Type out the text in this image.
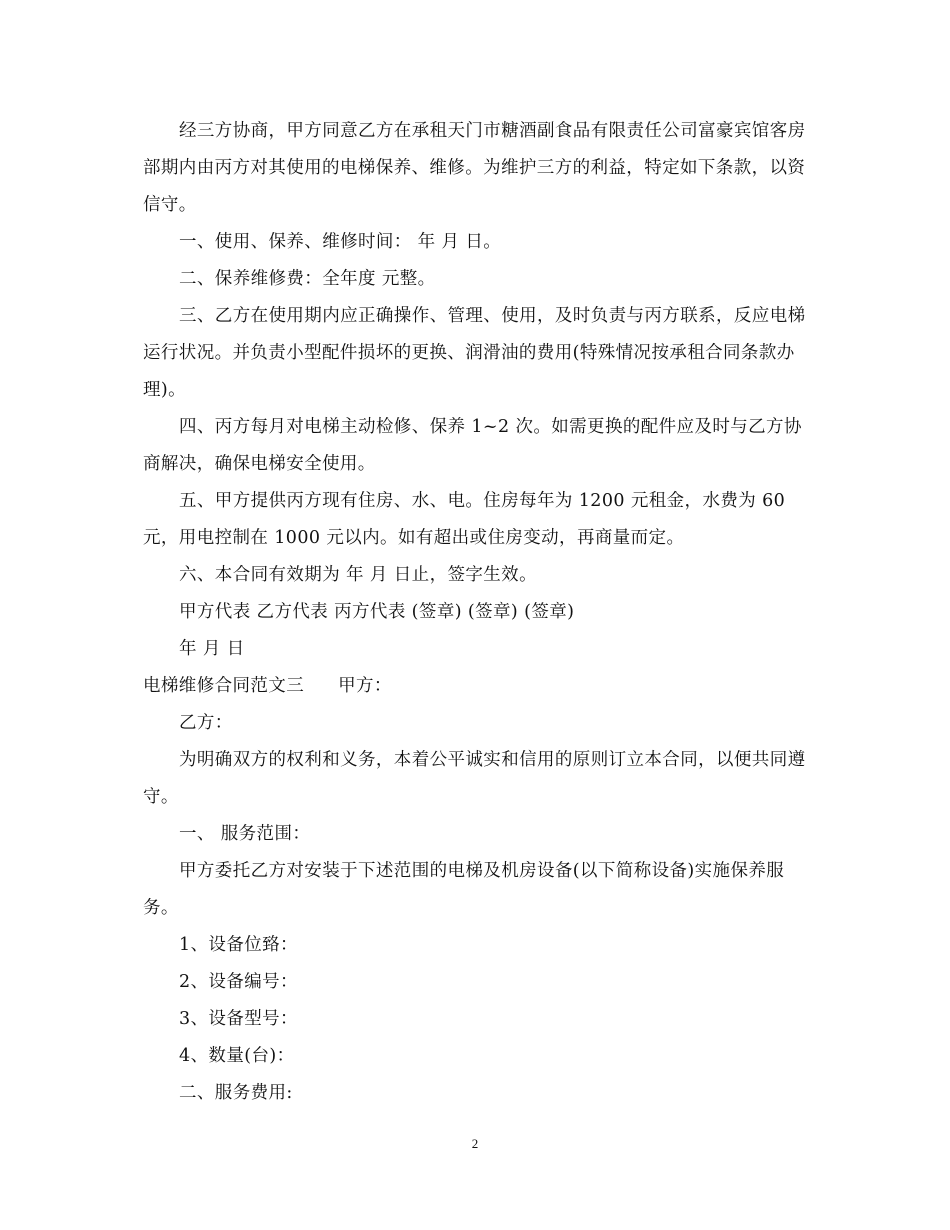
经三方协商，甲方同意乙方在承租天门市糖酒副食品有限责任公司富豪宾馆客房部期内由丙方对其使用的电梯保养、维修。为维护三方的利益，特定如下条款，以资信守。

一、使用、保养、维修时间： 年 月 日。

二、保养维修费：全年度 元整。

三、乙方在使用期内应正确操作、管理、使用，及时负责与丙方联系，反应电梯运行状况。并负责小型配件损坏的更换、润滑油的费用(特殊情况按承租合同条款办理)。

四、丙方每月对电梯主动检修、保养 1~2 次。如需更换的配件应及时与乙方协商解决，确保电梯安全使用。

五、甲方提供丙方现有住房、水、电。住房每年为 1200 元租金，水费为 60 元，用电控制在 1000 元以内。如有超出或住房变动，再商量而定。

六、本合同有效期为 年 月 日止，签字生效。

甲方代表 乙方代表 丙方代表 (签章) (签章) (签章)

年 月 日

电梯维修合同范文三 甲方：

乙方：

为明确双方的权利和义务，本着公平诚实和信用的原则订立本合同，以便共同遵守。

一、 服务范围：

甲方委托乙方对安装于下述范围的电梯及机房设备(以下简称设备)实施保养服务。

1、设备位臵：

2、设备编号：

3、设备型号：

4、数量(台)：

二、服务费用:

2
